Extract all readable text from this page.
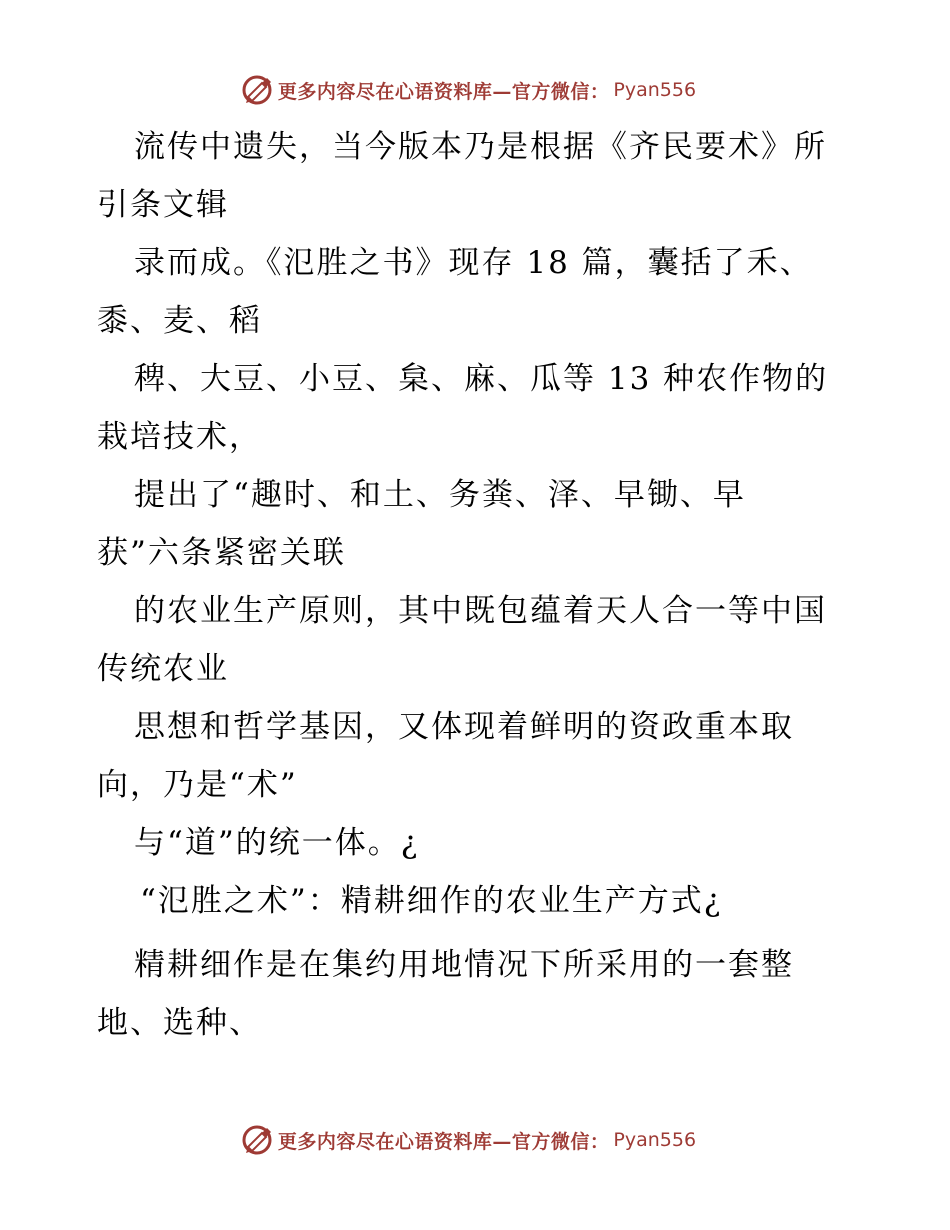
更多内容尽在心语资料库—官方微信： Pyan556
流传中遗失，当今版本乃是根据《齐民要术》所
引条文辑
录而成。《氾胜之书》现存 18 篇，囊括了禾、
黍、麦、稻
稗、大豆、小豆、枲、麻、瓜等 13 种农作物的
栽培技术，
提出了“趣时、和土、务粪、泽、早锄、早
获”六条紧密关联
的农业生产原则，其中既包蕴着天人合一等中国
传统农业
思想和哲学基因，又体现着鲜明的资政重本取
向，乃是“术”
与“道”的统一体。¿
“氾胜之术”：精耕细作的农业生产方式¿
精耕细作是在集约用地情况下所采用的一套整
地、选种、
更多内容尽在心语资料库—官方微信： Pyan556
